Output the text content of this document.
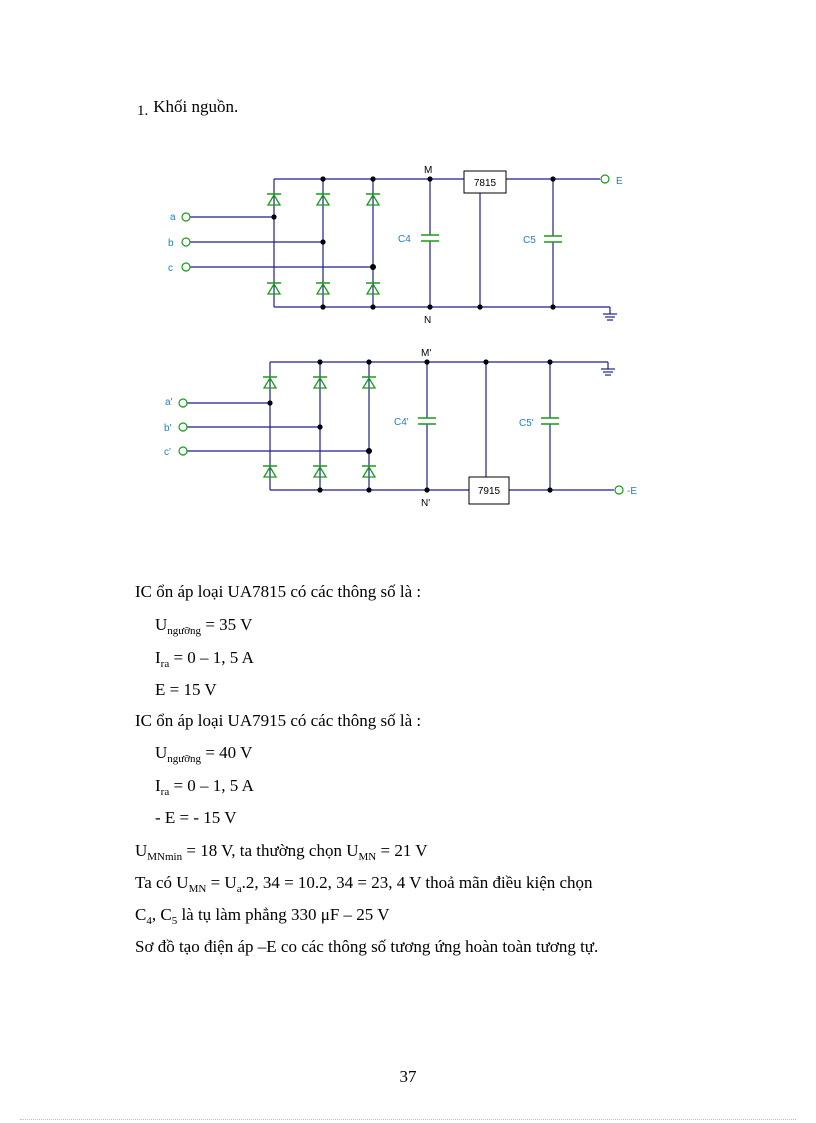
1. Khối nguồn.
7815
a
b
c
M
N
C4	C5
E
7915
a'
b'
c'
M'
N'
C4'	C5'
-E
IC ổn áp loại UA7815 có các thông số là :
$U_{ngưỡng} = 35$ V
$I_{ra} = 0 - 1$, 5 A
E = 15 V
IC ổn áp loại UA7915 có các thông số là :
$U_{ngưỡng} = 40$ V
$I_{ra} = 0 - 1$, 5 A
- E = - 15 V
$U_{MNmin} = 18$ V, ta thường chọn $U_{MN} = 21$ V
Ta có $U_{MN} = U_a.2$, 34 = 10.2, 34 = 23, 4 V thoả mãn điều kiện chọn
$C_4$, $C_5$ là tụ làm phẳng 330 μF – 25 V
Sơ đồ tạo điện áp –E co các thông số tương ứng hoàn toàn tương tự.
37
